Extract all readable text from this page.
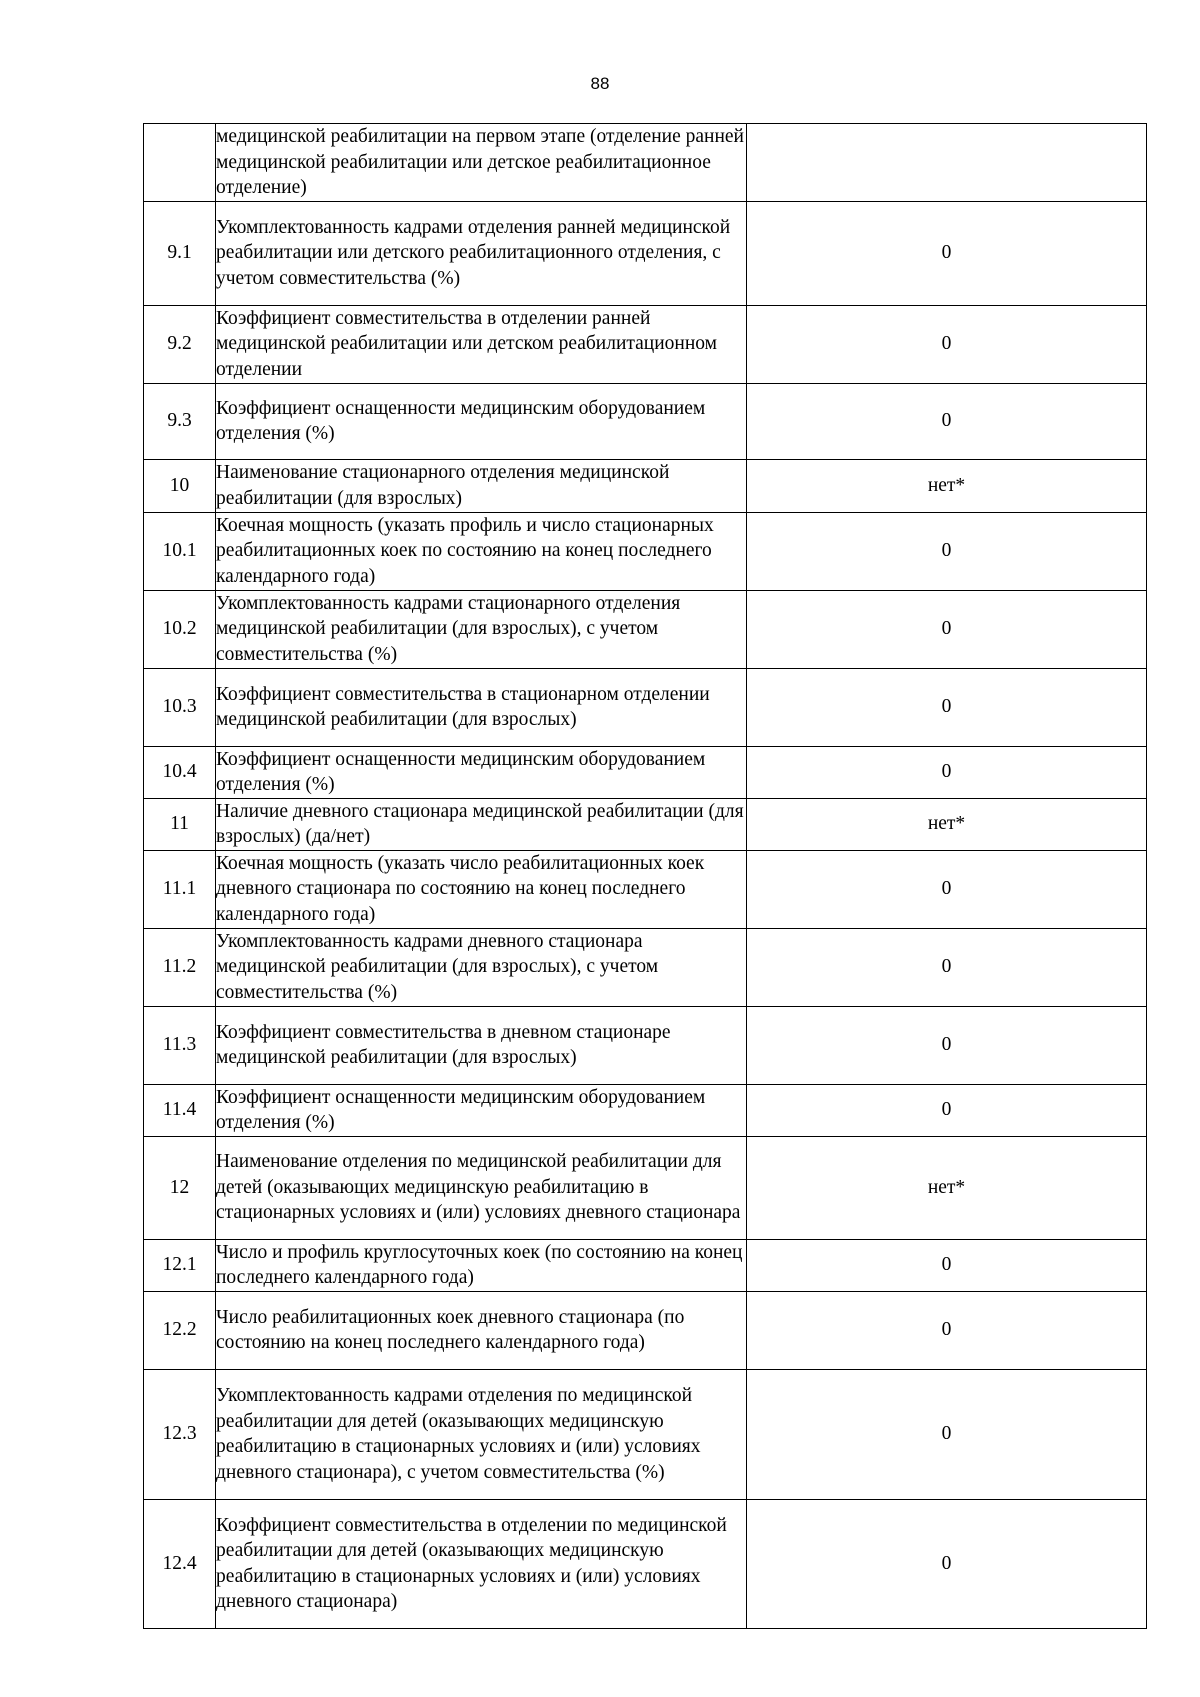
88
	медицинской реабилитации на первом этапе (отделение ранней медицинской реабилитации или детское реабилитационное отделение)	
9.1	Укомплектованность кадрами отделения ранней медицинской реабилитации или детского реабилитационного отделения, с учетом совместительства (%)	0
9.2	Коэффициент совместительства в отделении ранней медицинской реабилитации или детском реабилитационном отделении	0
9.3	Коэффициент оснащенности медицинским оборудованием отделения (%)	0
10	Наименование стационарного отделения медицинской реабилитации (для взрослых)	нет*
10.1	Коечная мощность (указать профиль и число стационарных реабилитационных коек по состоянию на конец последнего календарного года)	0
10.2	Укомплектованность кадрами стационарного отделения медицинской реабилитации (для взрослых), с учетом совместительства (%)	0
10.3	Коэффициент совместительства в стационарном отделении медицинской реабилитации (для взрослых)	0
10.4	Коэффициент оснащенности медицинским оборудованием отделения (%)	0
11	Наличие дневного стационара медицинской реабилитации (для взрослых) (да/нет)	нет*
11.1	Коечная мощность (указать число реабилитационных коек дневного стационара по состоянию на конец последнего календарного года)	0
11.2	Укомплектованность кадрами дневного стационара медицинской реабилитации (для взрослых), с учетом совместительства (%)	0
11.3	Коэффициент совместительства в дневном стационаре медицинской реабилитации (для взрослых)	0
11.4	Коэффициент оснащенности медицинским оборудованием отделения (%)	0
12	Наименование отделения по медицинской реабилитации для детей (оказывающих медицинскую реабилитацию в стационарных условиях и (или) условиях дневного стационара	нет*
12.1	Число и профиль круглосуточных коек (по состоянию на конец последнего календарного года)	0
12.2	Число реабилитационных коек дневного стационара (по состоянию на конец последнего календарного года)	0
12.3	Укомплектованность кадрами отделения по медицинской реабилитации для детей (оказывающих медицинскую реабилитацию в стационарных условиях и (или) условиях дневного стационара), с учетом совместительства (%)	0
12.4	Коэффициент совместительства в отделении по медицинской реабилитации для детей (оказывающих медицинскую реабилитацию в стационарных условиях и (или) условиях дневного стационара)	0
